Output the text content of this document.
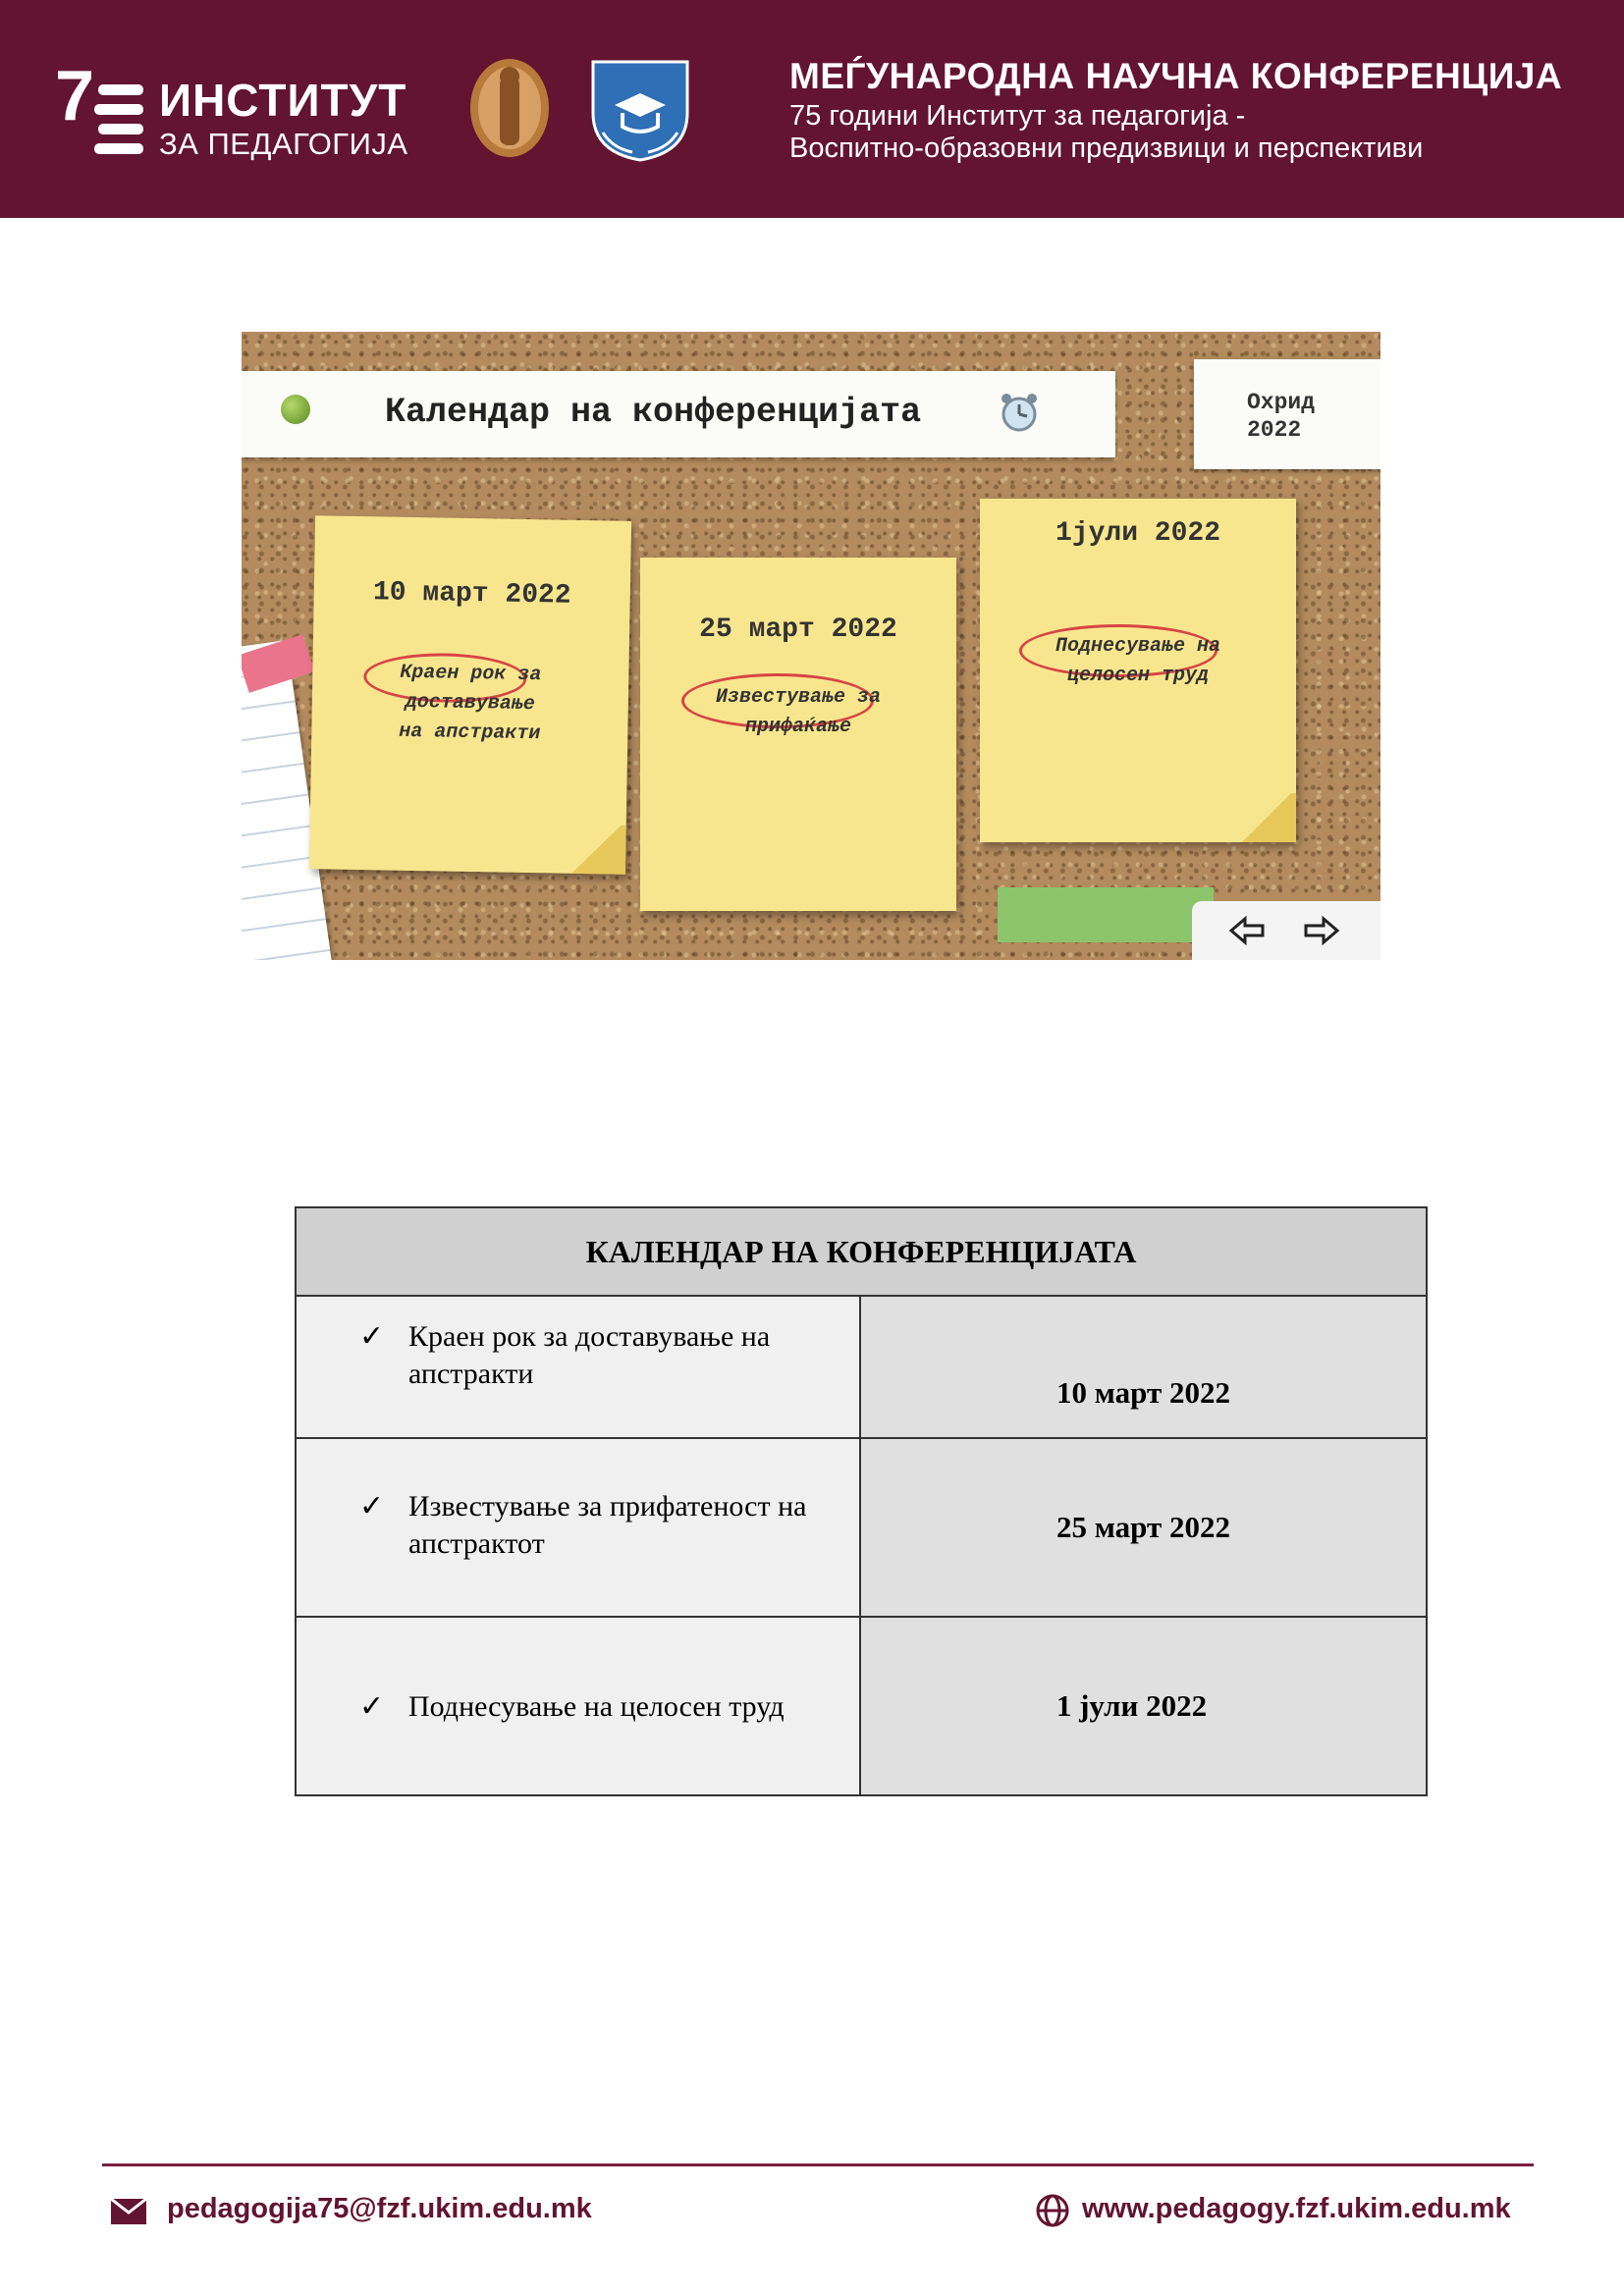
7 ИНСТИТУТ
ЗА ПЕДАГОГИЈА
МЕЃУНАРОДНА НАУЧНА КОНФЕРЕНЦИЈА
75 години Институт за педагогија -
Воспитно-образовни предизвици и перспективи
Календар на конференцијата	Охрид 2022
10 март 2022
Краен рок за
доставување
на апстракти
25 март 2022
Известување за
прифаќање
1јули 2022
Поднесување на
целосен труд
КАЛЕНДАР НА КОНФЕРЕНЦИЈАТА	

✓ Краен рок за доставување на апстракти	10 март 2022

✓ Известување за прифатеност на апстрактот	25 март 2022

✓ Поднесување на целосен труд	1 јули 2022
pedagogija75@fzf.ukim.edu.mk	www.pedagogy.fzf.ukim.edu.mk
